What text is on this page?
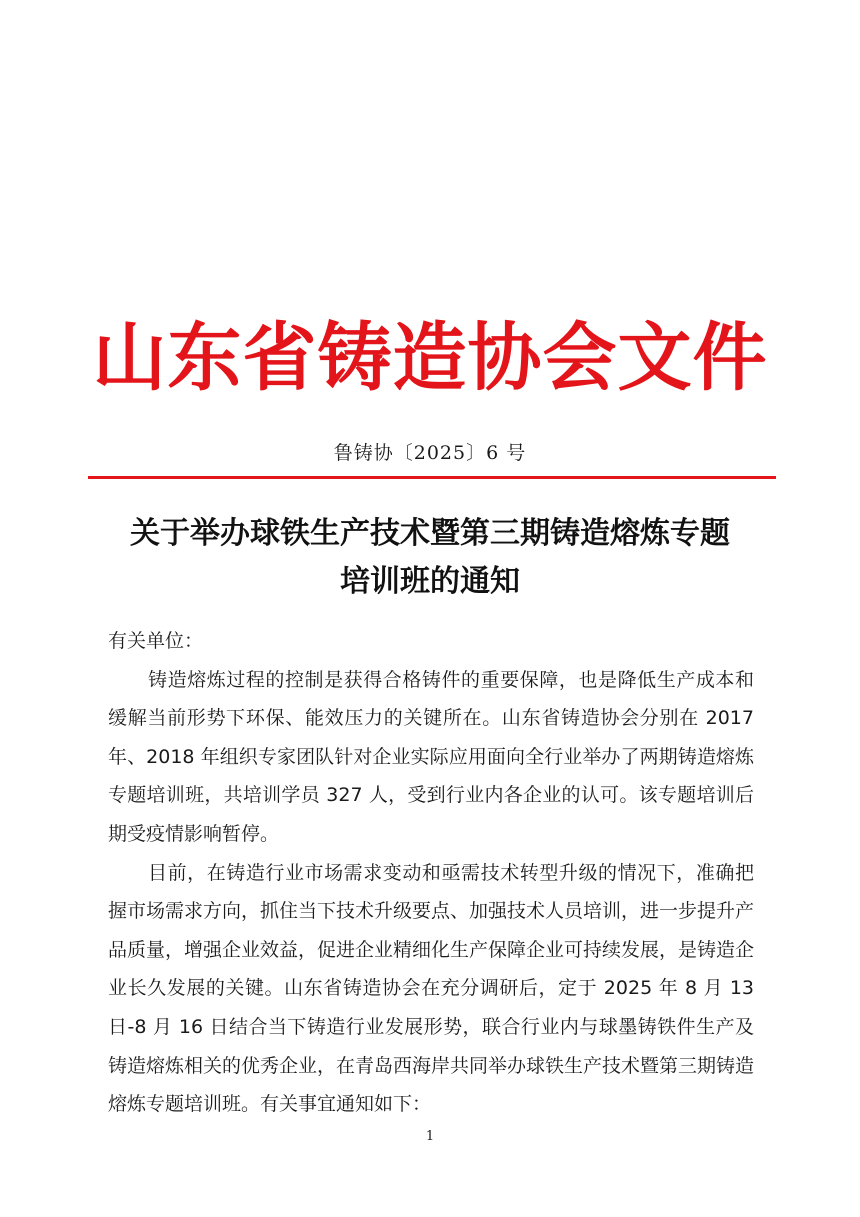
山东省铸造协会文件
鲁铸协〔2025〕6 号
关于举办球铁生产技术暨第三期铸造熔炼专题
培训班的通知

有关单位：

铸造熔炼过程的控制是获得合格铸件的重要保障，也是降低生产成本和缓解当前形势下环保、能效压力的关键所在。山东省铸造协会分别在 2017 年、2018 年组织专家团队针对企业实际应用面向全行业举办了两期铸造熔炼专题培训班，共培训学员 327 人，受到行业内各企业的认可。该专题培训后期受疫情影响暂停。

目前，在铸造行业市场需求变动和亟需技术转型升级的情况下，准确把握市场需求方向，抓住当下技术升级要点、加强技术人员培训，进一步提升产品质量，增强企业效益，促进企业精细化生产保障企业可持续发展，是铸造企业长久发展的关键。山东省铸造协会在充分调研后，定于 2025 年 8 月 13 日-8 月 16 日结合当下铸造行业发展形势，联合行业内与球墨铸铁件生产及铸造熔炼相关的优秀企业，在青岛西海岸共同举办球铁生产技术暨第三期铸造熔炼专题培训班。有关事宜通知如下：

1
